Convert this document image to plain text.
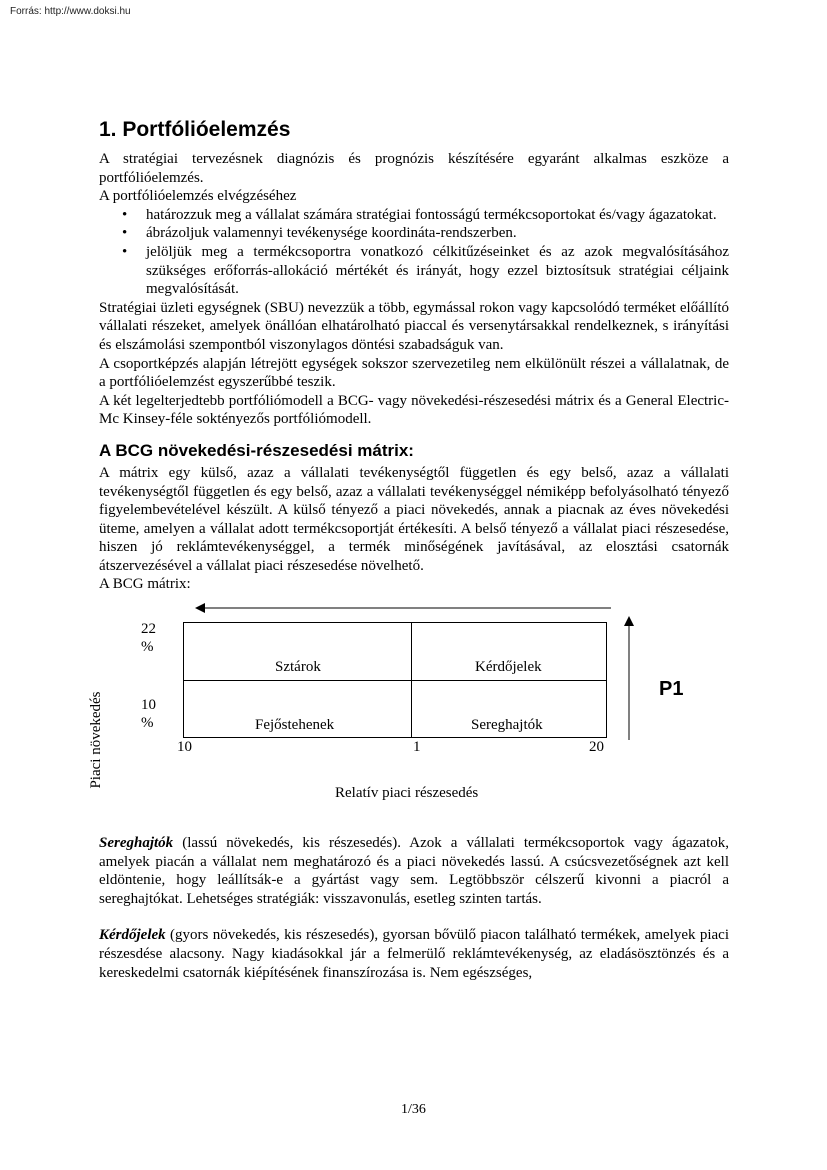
Forrás: http://www.doksi.hu
1. Portfólióelemzés

A stratégiai tervezésnek diagnózis és prognózis készítésére egyaránt alkalmas eszköze a portfólióelemzés.

A portfólióelemzés elvégzéséhez

• határozzuk meg a vállalat számára stratégiai fontosságú termékcsoportokat és/vagy ágazatokat.
• ábrázoljuk valamennyi tevékenysége koordináta-rendszerben.
• jelöljük meg a termékcsoportra vonatkozó célkitűzéseinket és az azok megvalósításához szükséges erőforrás-allokáció mértékét és irányát, hogy ezzel biztosítsuk stratégiai céljaink megvalósítását.

Stratégiai üzleti egységnek (SBU) nevezzük a több, egymással rokon vagy kapcsolódó terméket előállító vállalati részeket, amelyek önállóan elhatárolható piaccal és versenytársakkal rendelkeznek, s irányítási és elszámolási szempontból viszonylagos döntési szabadságuk van.

A csoportképzés alapján létrejött egységek sokszor szervezetileg nem elkülönült részei a vállalatnak, de a portfólióelemzést egyszerűbbé teszik.

A két legelterjedtebb portfóliómodell a BCG- vagy növekedési-részesedési mátrix és a General Electric-Mc Kinsey-féle soktényezős portfóliómodell.

A BCG növekedési-részesedési mátrix:

A mátrix egy külső, azaz a vállalati tevékenységtől független és egy belső, azaz a vállalati tevékenységtől független és egy belső, azaz a vállalati tevékenységgel némiképp befolyásolható tényező figyelembevételével készült. A külső tényező a piaci növekedés, annak a piacnak az éves növekedési üteme, amelyen a vállalat adott termékcsoportját értékesíti. A belső tényező a vállalat piaci részesedése, hiszen jó reklámtevékenységgel, a termék minőségének javításával, az elosztási csatornák átszervezésével a vállalat piaci részesedése növelhető.

A BCG mátrix:

Piaci növekedés
22
%
10
%
Sztárok	Kérdőjelek
Fejőstehenek	Sereghajtók
10	1	20
P1
Relatív piaci részesedés

Sereghajtók (lassú növekedés, kis részesedés). Azok a vállalati termékcsoportok vagy ágazatok, amelyek piacán a vállalat nem meghatározó és a piaci növekedés lassú. A csúcsvezetőségnek azt kell eldöntenie, hogy leállítsák-e a gyártást vagy sem. Legtöbbször célszerű kivonni a piacról a sereghajtókat. Lehetséges stratégiák: visszavonulás, esetleg szinten tartás.

Kérdőjelek (gyors növekedés, kis részesedés), gyorsan bővülő piacon található termékek, amelyek piaci részesdése alacsony. Nagy kiadásokkal jár a felmerülő reklámtevékenység, az eladásösztönzés és a kereskedelmi csatornák kiépítésének finanszírozása is. Nem egészséges,

1/36
